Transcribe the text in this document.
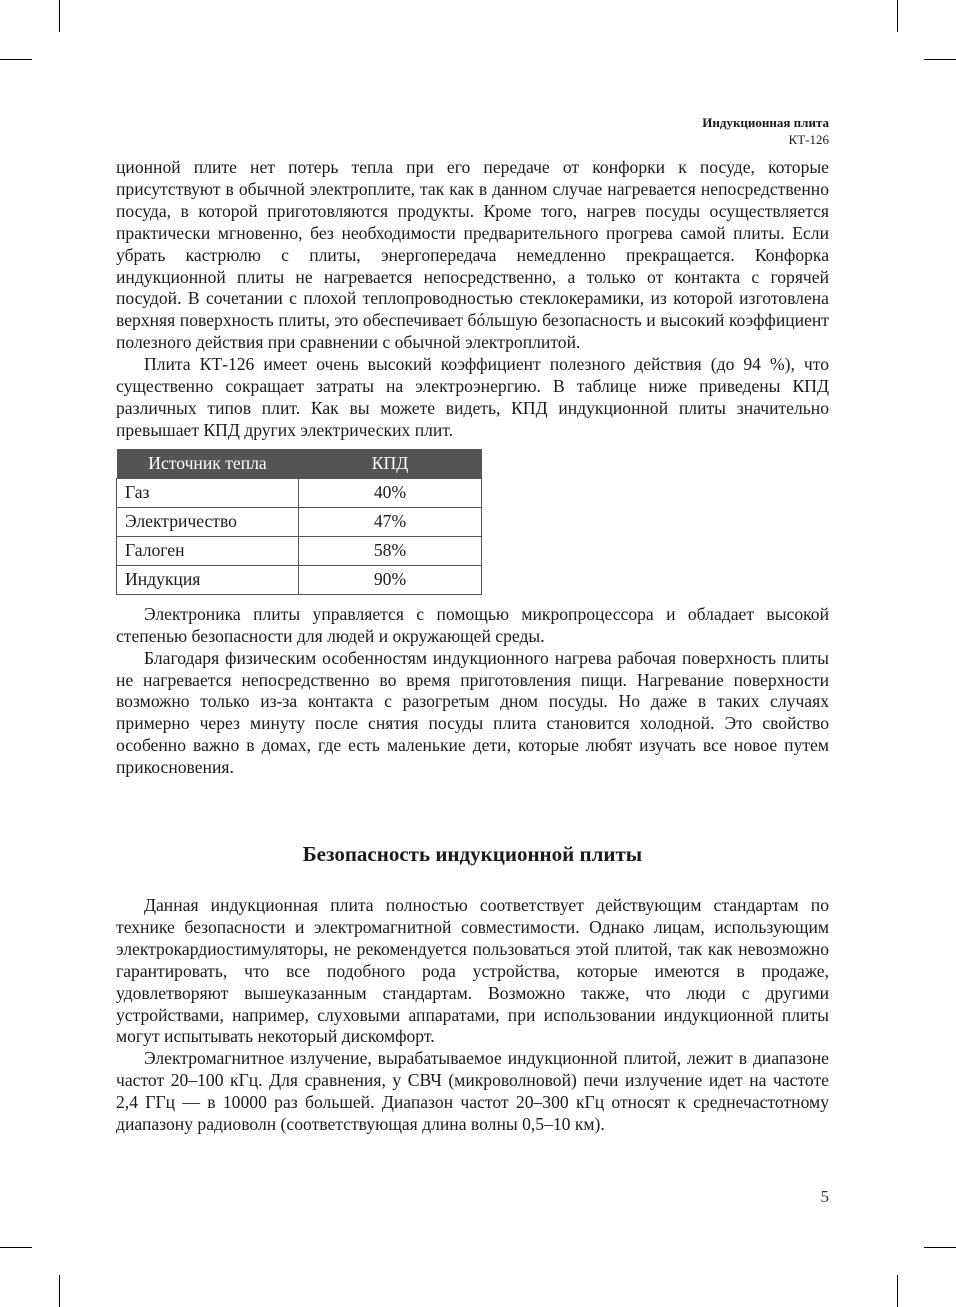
Индукционная плита
КТ-126

ционной плите нет потерь тепла при его передаче от конфорки к посуде, которые присутствуют в обычной электроплите, так как в данном случае нагревается непосредственно посуда, в которой приготовляются продукты. Кроме того, нагрев посуды осуществляется практически мгновенно, без необходимости предварительного прогрева самой плиты. Если убрать кастрюлю с плиты, энергопередача немедленно прекращается. Конфорка индукционной плиты не нагревается непосредственно, а только от контакта с горячей посудой. В сочетании с плохой теплопроводностью стеклокерамики, из которой изготовлена верхняя поверхность плиты, это обеспечивает бóльшую безопасность и высокий коэффициент полезного действия при сравнении с обычной электроплитой.

Плита КТ-126 имеет очень высокий коэффициент полезного действия (до 94 %), что существенно сокращает затраты на электроэнергию. В таблице ниже приведены КПД различных типов плит. Как вы можете видеть, КПД индукционной плиты значительно превышает КПД других электрических плит.

Источник тепла	КПД
Газ	40%
Электричество	47%
Галоген	58%
Индукция	90%

Электроника плиты управляется с помощью микропроцессора и обладает высокой степенью безопасности для людей и окружающей среды.

Благодаря физическим особенностям индукционного нагрева рабочая поверхность плиты не нагревается непосредственно во время приготовления пищи. Нагревание поверхности возможно только из-за контакта с разогретым дном посуды. Но даже в таких случаях примерно через минуту после снятия посуды плита становится холодной. Это свойство особенно важно в домах, где есть маленькие дети, которые любят изучать все новое путем прикосновения.

Безопасность индукционной плиты

Данная индукционная плита полностью соответствует действующим стандартам по технике безопасности и электромагнитной совместимости. Однако лицам, использующим электрокардиостимуляторы, не рекомендуется пользоваться этой плитой, так как невозможно гарантировать, что все подобного рода устройства, которые имеются в продаже, удовлетворяют вышеуказанным стандартам. Возможно также, что люди с другими устройствами, например, слуховыми аппаратами, при использовании индукционной плиты могут испытывать некоторый дискомфорт.

Электромагнитное излучение, вырабатываемое индукционной плитой, лежит в диапазоне частот 20–100 кГц. Для сравнения, у СВЧ (микроволновой) печи излучение идет на частоте 2,4 ГГц — в 10000 раз большей. Диапазон частот 20–300 кГц относят к среднечастотному диапазону радиоволн (соответствующая длина волны 0,5–10 км).

5
